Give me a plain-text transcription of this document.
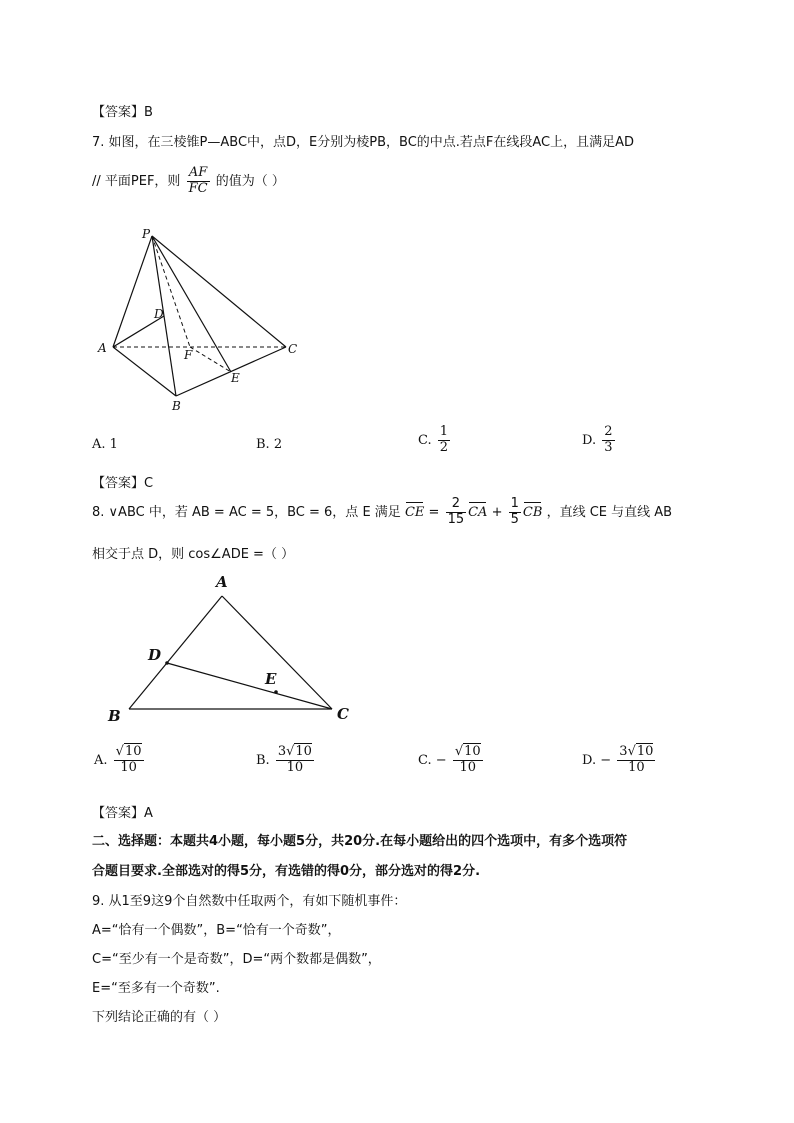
【答案】B
7. 如图，在三棱锥P—ABC中，点D，E分别为棱PB，BC的中点.若点F在线段AC上，且满足AD
// 平面PEF，则 $\frac{AF}{FC}$ 的值为（ ）
P
A
B
C
D
E
F
A. 1	B. 2	C. $\frac{1}{2}$	D. $\frac{2}{3}$
【答案】C
8. ∨ABC 中，若 AB = AC = 5，BC = 6，点 E 满足 CE = $\frac{2}{15}$ CA + $\frac{1}{5}$ CB ，直线 CE 与直线 AB
相交于点 D，则 cos∠ADE =（ ）
A
B	C
D
E
A. $\frac{√10}{10}$	B. $\frac{3√10}{10}$	C. − $\frac{√10}{10}$	D. − $\frac{3√10}{10}$
【答案】A
二、选择题：本题共4小题，每小题5分，共20分.在每小题给出的四个选项中，有多个选项符
合题目要求.全部选对的得5分，有选错的得0分，部分选对的得2分.
9. 从1至9这9个自然数中任取两个，有如下随机事件：
A=“恰有一个偶数”，B=“恰有一个奇数”，
C=“至少有一个是奇数”，D=“两个数都是偶数”，
E=“至多有一个奇数”.
下列结论正确的有（ ）
